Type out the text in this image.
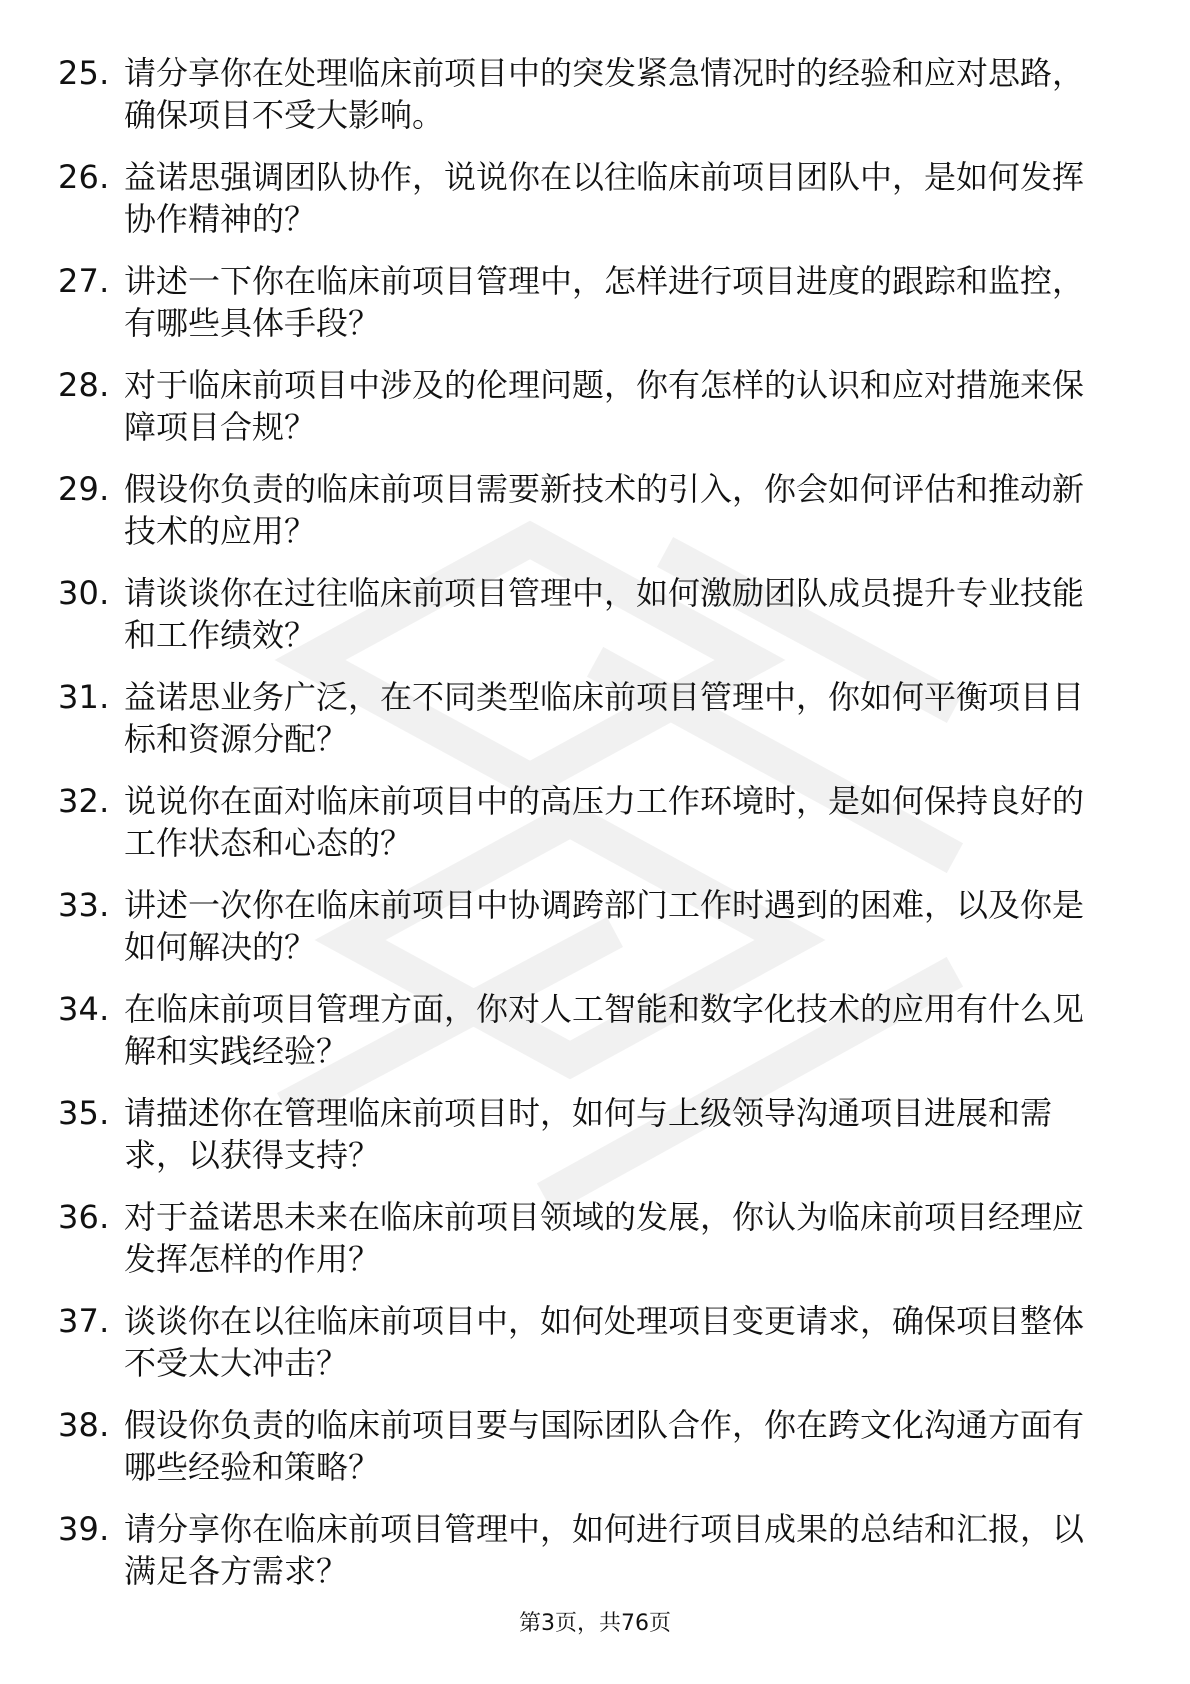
25. 请分享你在处理临床前项目中的突发紧急情况时的经验和应对思路，确保项目不受大影响。
26. 益诺思强调团队协作，说说你在以往临床前项目团队中，是如何发挥协作精神的？
27. 讲述一下你在临床前项目管理中，怎样进行项目进度的跟踪和监控，有哪些具体手段？
28. 对于临床前项目中涉及的伦理问题，你有怎样的认识和应对措施来保障项目合规？
29. 假设你负责的临床前项目需要新技术的引入，你会如何评估和推动新技术的应用？
30. 请谈谈你在过往临床前项目管理中，如何激励团队成员提升专业技能和工作绩效？
31. 益诺思业务广泛，在不同类型临床前项目管理中，你如何平衡项目目标和资源分配？
32. 说说你在面对临床前项目中的高压力工作环境时，是如何保持良好的工作状态和心态的？
33. 讲述一次你在临床前项目中协调跨部门工作时遇到的困难，以及你是如何解决的？
34. 在临床前项目管理方面，你对人工智能和数字化技术的应用有什么见解和实践经验？
35. 请描述你在管理临床前项目时，如何与上级领导沟通项目进展和需求，以获得支持？
36. 对于益诺思未来在临床前项目领域的发展，你认为临床前项目经理应发挥怎样的作用？
37. 谈谈你在以往临床前项目中，如何处理项目变更请求，确保项目整体不受太大冲击？
38. 假设你负责的临床前项目要与国际团队合作，你在跨文化沟通方面有哪些经验和策略？
39. 请分享你在临床前项目管理中，如何进行项目成果的总结和汇报，以满足各方需求？
第3页，共76页
